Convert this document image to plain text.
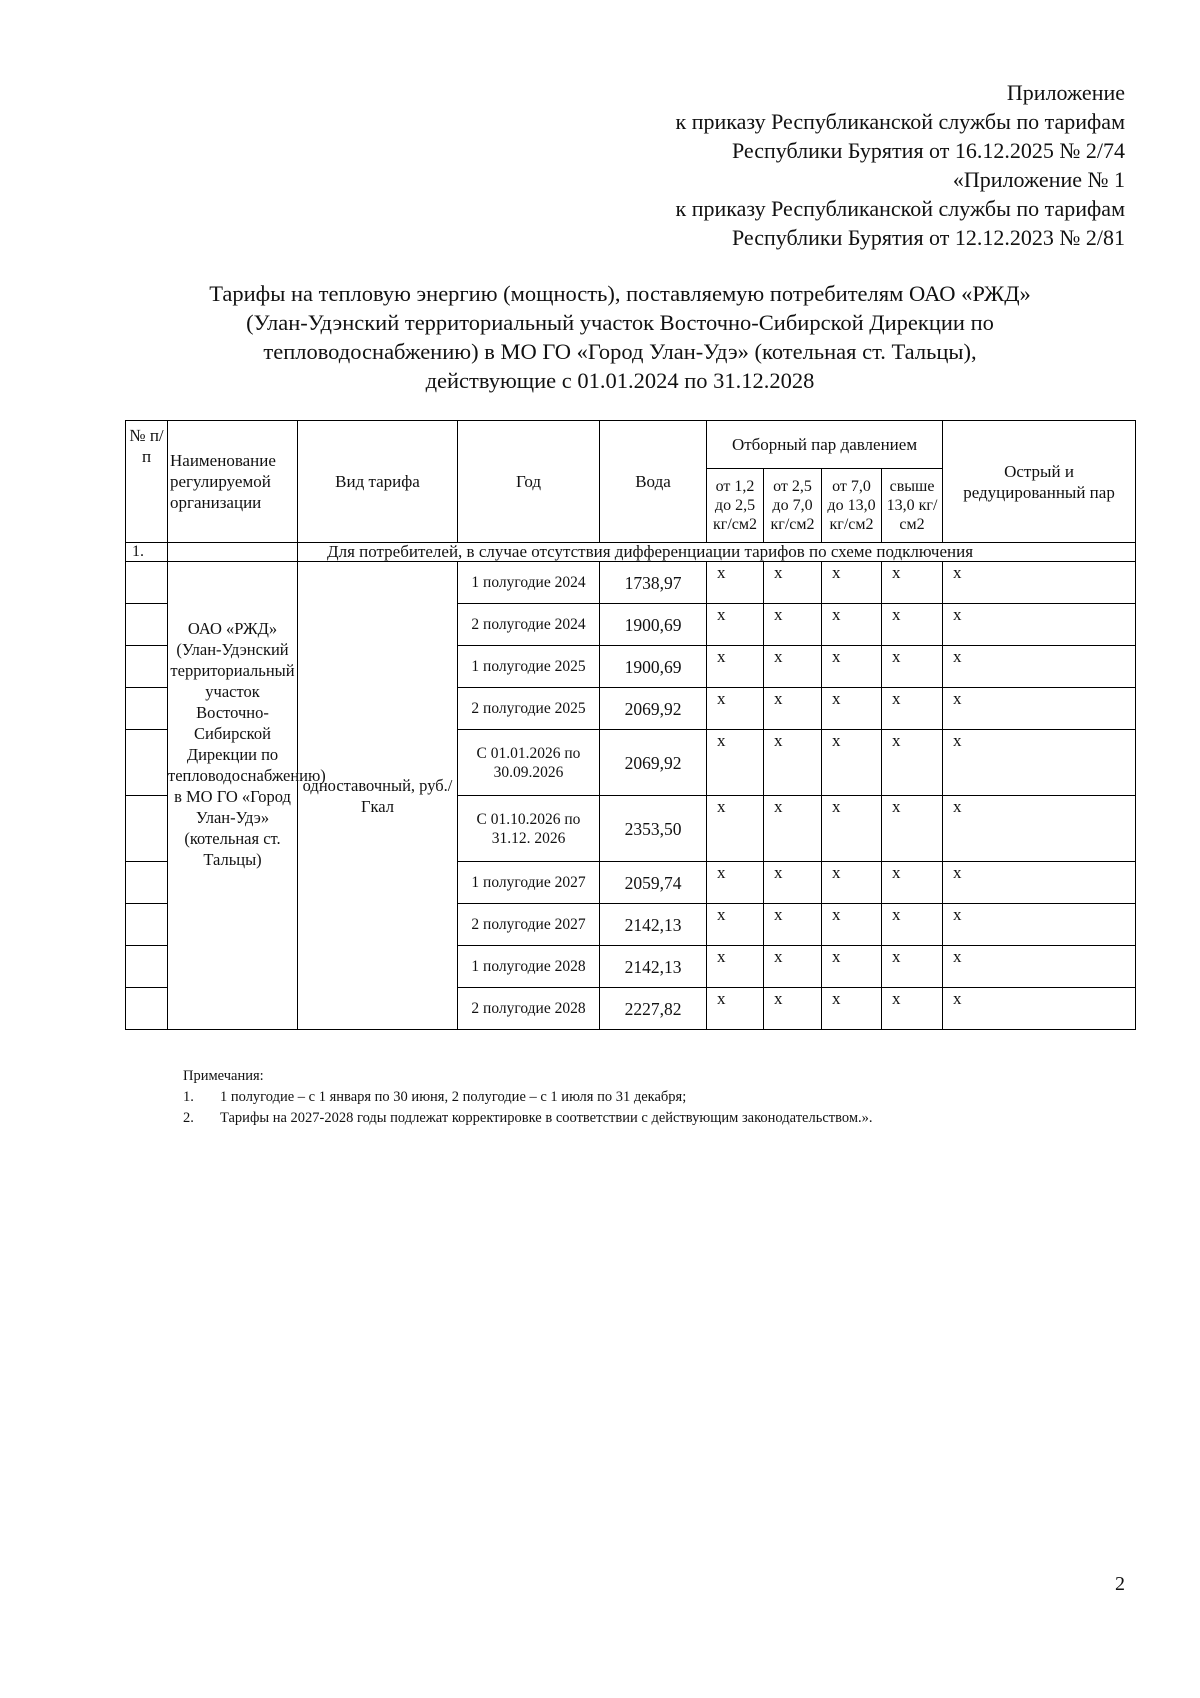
Приложение
к приказу Республиканской службы по тарифам
Республики Бурятия от 16.12.2025 № 2/74
«Приложение № 1
к приказу Республиканской службы по тарифам
Республики Бурятия от 12.12.2023 № 2/81
Тарифы на тепловую энергию (мощность), поставляемую потребителям ОАО «РЖД»
(Улан-Удэнский территориальный участок Восточно-Сибирской Дирекции по
тепловодоснабжению) в МО ГО «Город Улан-Удэ» (котельная ст. Тальцы),
действующие с 01.01.2024 по 31.12.2028
№ п/п	Наименование регулируемой организации	Вид тарифа	Год	Вода	Отборный пар давлением				Острый и редуцированный пар
					от 1,2 до 2,5 кг/см2	от 2,5 до 7,0 кг/см2	от 7,0 до 13,0 кг/см2	свыше 13,0 кг/см2	
1.		Для потребителей, в случае отсутствия дифференциации тарифов по схеме подключения							
	ОАО «РЖД» (Улан-Удэнский территориальный участок Восточно-Сибирской Дирекции по тепловодоснабжению) в МО ГО «Город Улан-Удэ» (котельная ст. Тальцы)	одноставочный, руб./Гкал	1 полугодие 2024	1738,97	x	x	x	x	x
			2 полугодие 2024	1900,69	x	x	x	x	x
			1 полугодие 2025	1900,69	x	x	x	x	x
			2 полугодие 2025	2069,92	x	x	x	x	x
			С 01.01.2026 по 30.09.2026	2069,92	x	x	x	x	x
			С 01.10.2026 по 31.12. 2026	2353,50	x	x	x	x	x
			1 полугодие 2027	2059,74	x	x	x	x	x
			2 полугодие 2027	2142,13	x	x	x	x	x
			1 полугодие 2028	2142,13	x	x	x	x	x
			2 полугодие 2028	2227,82	x	x	x	x	x
Примечания:
1. 1 полугодие – с 1 января по 30 июня, 2 полугодие – с 1 июля по 31 декабря;
2. Тарифы на 2027-2028 годы подлежат корректировке в соответствии с действующим законодательством.».
2
